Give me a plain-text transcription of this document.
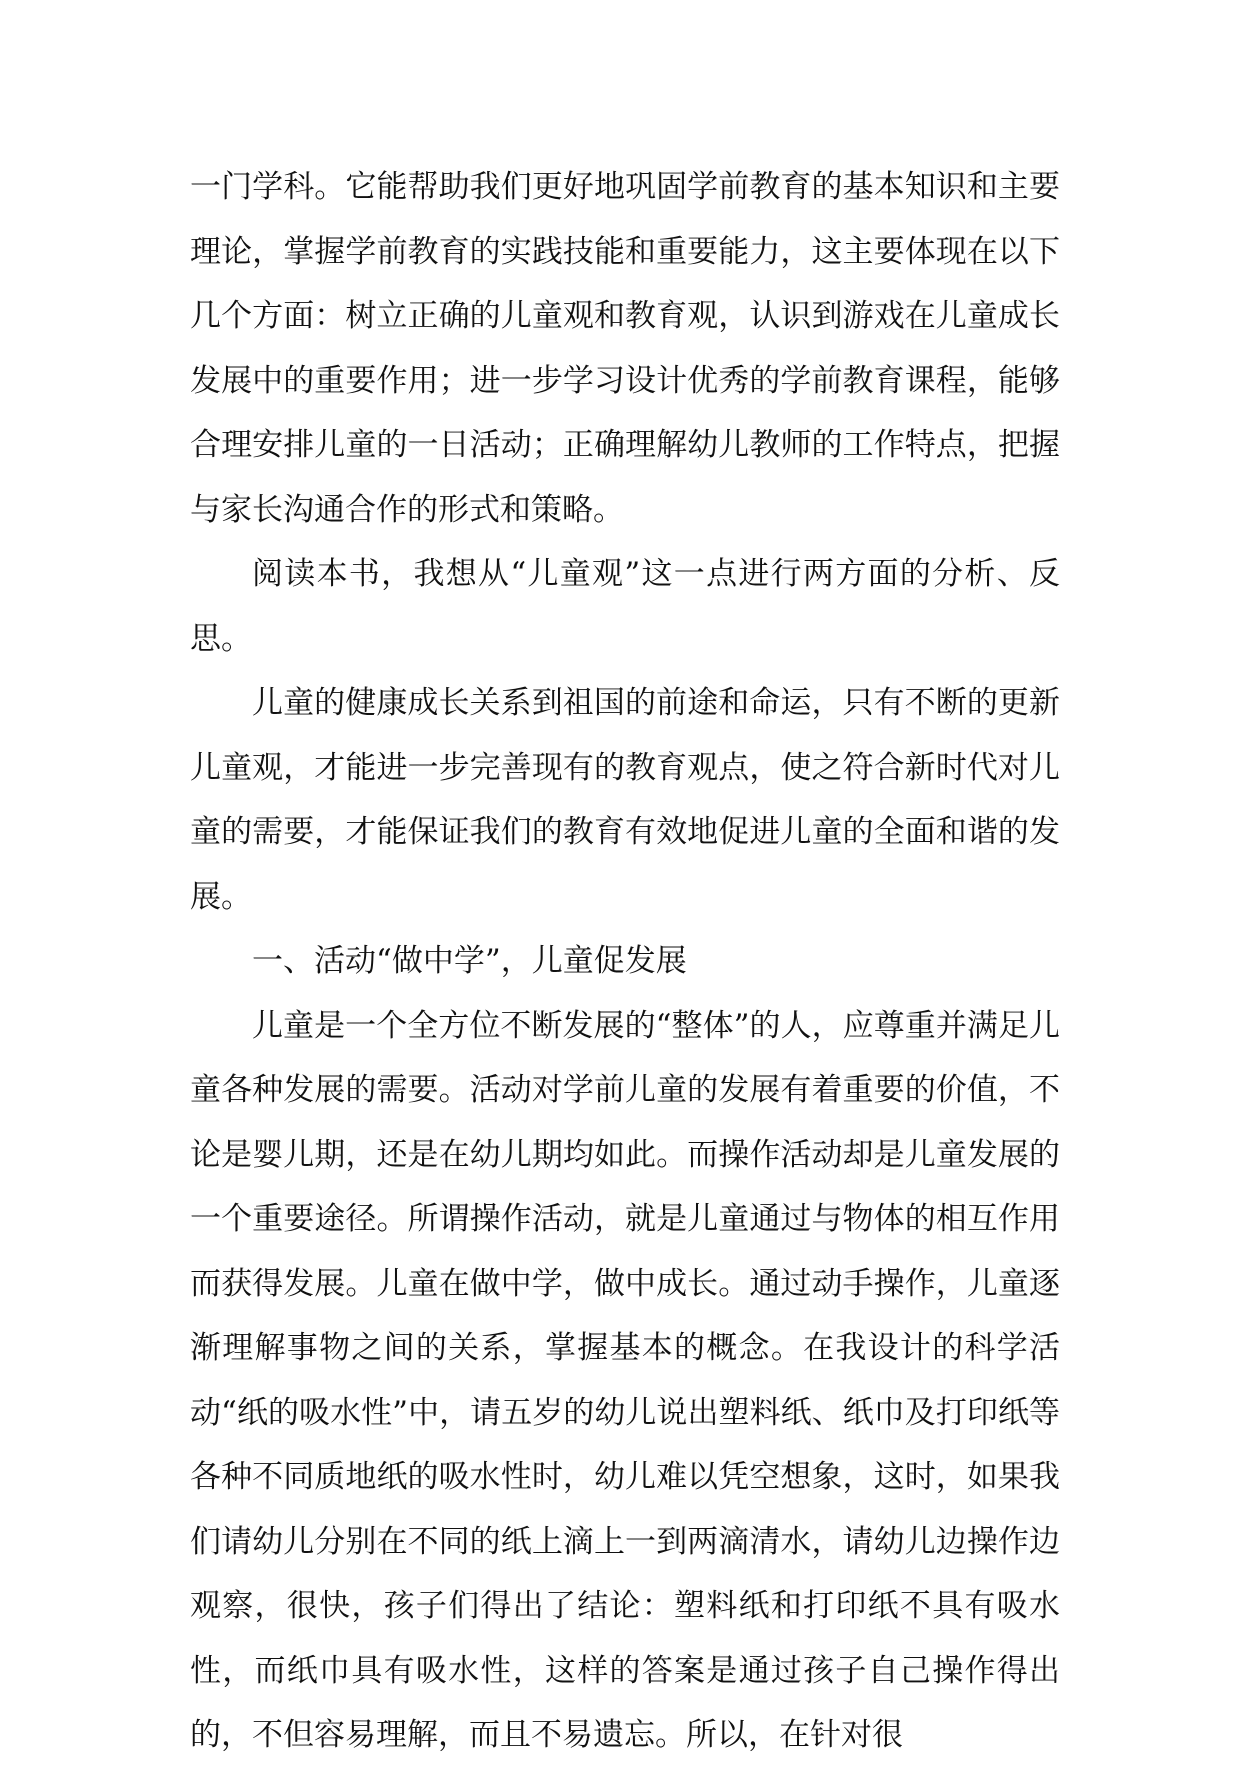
一门学科。它能帮助我们更好地巩固学前教育的基本知识和主要理论，掌握学前教育的实践技能和重要能力，这主要体现在以下几个方面：树立正确的儿童观和教育观，认识到游戏在儿童成长发展中的重要作用；进一步学习设计优秀的学前教育课程，能够合理安排儿童的一日活动；正确理解幼儿教师的工作特点，把握与家长沟通合作的形式和策略。

阅读本书，我想从“儿童观”这一点进行两方面的分析、反思。

儿童的健康成长关系到祖国的前途和命运，只有不断的更新儿童观，才能进一步完善现有的教育观点，使之符合新时代对儿童的需要，才能保证我们的教育有效地促进儿童的全面和谐的发展。

一、活动“做中学”，儿童促发展

儿童是一个全方位不断发展的“整体”的人，应尊重并满足儿童各种发展的需要。活动对学前儿童的发展有着重要的价值，不论是婴儿期，还是在幼儿期均如此。而操作活动却是儿童发展的一个重要途径。所谓操作活动，就是儿童通过与物体的相互作用而获得发展。儿童在做中学，做中成长。通过动手操作，儿童逐渐理解事物之间的关系，掌握基本的概念。在我设计的科学活动“纸的吸水性”中，请五岁的幼儿说出塑料纸、纸巾及打印纸等各种不同质地纸的吸水性时，幼儿难以凭空想象，这时，如果我们请幼儿分别在不同的纸上滴上一到两滴清水，请幼儿边操作边观察，很快，孩子们得出了结论：塑料纸和打印纸不具有吸水性，而纸巾具有吸水性，这样的答案是通过孩子自己操作得出的，不但容易理解，而且不易遗忘。所以，在针对很
